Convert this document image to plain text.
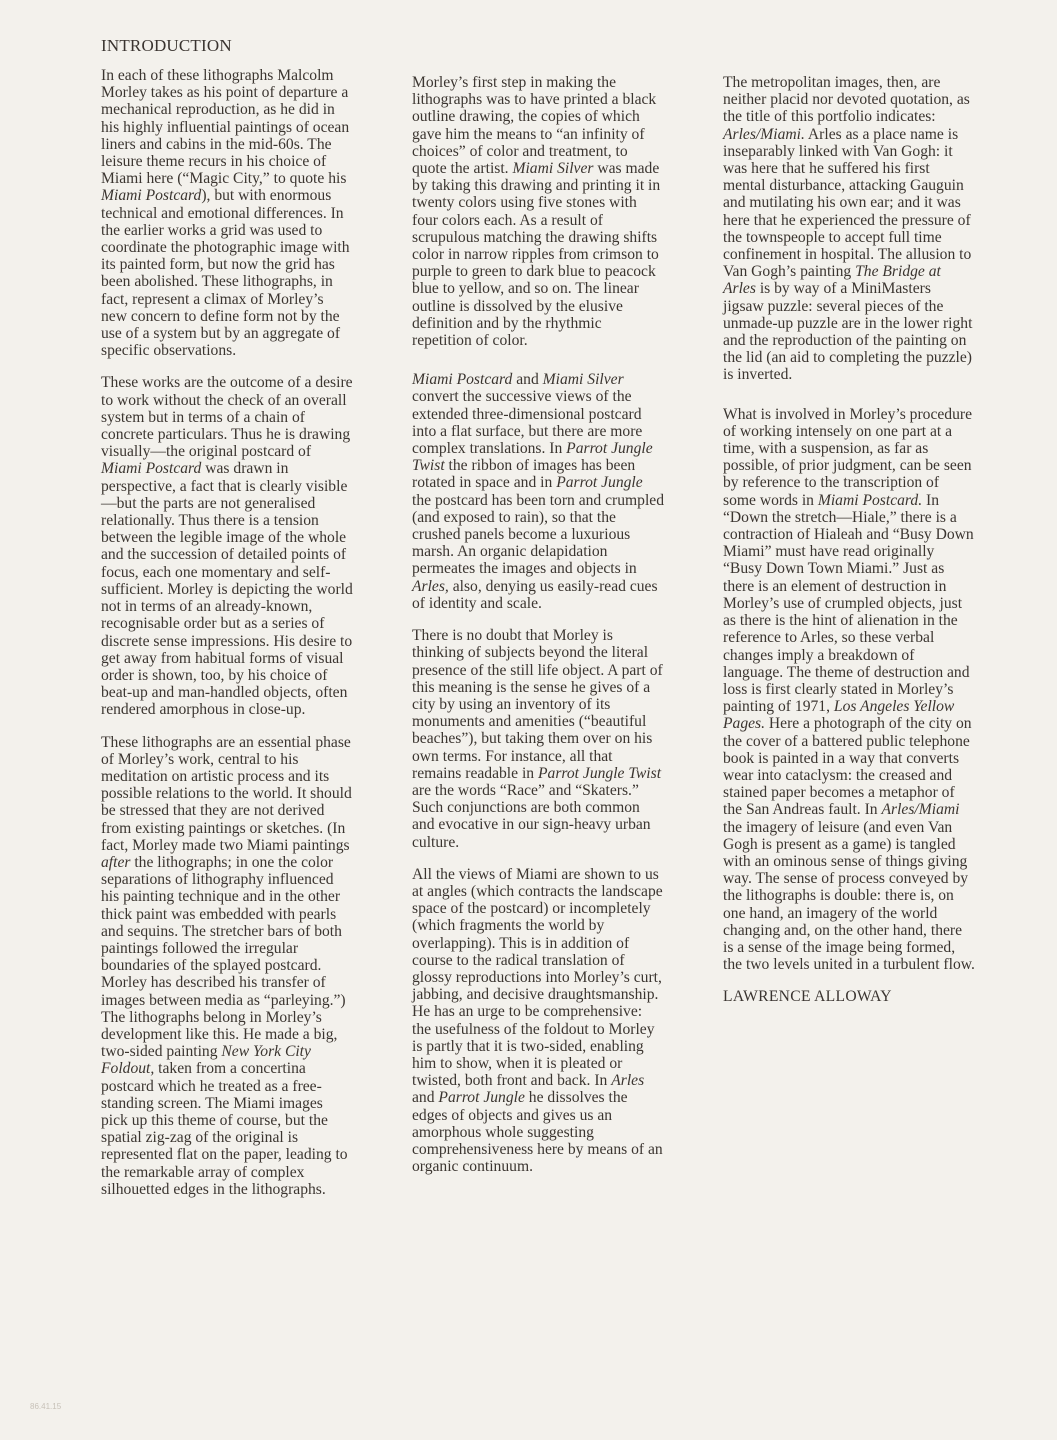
INTRODUCTION

In each of these lithographs Malcolm Morley takes as his point of departure a mechanical reproduction, as he did in his highly influential paintings of ocean liners and cabins in the mid-60s. The leisure theme recurs in his choice of Miami here (“Magic City,” to quote his Miami Postcard), but with enormous technical and emotional differences. In the earlier works a grid was used to coordinate the photographic image with its painted form, but now the grid has been abolished. These lithographs, in fact, represent a climax of Morley’s new concern to define form not by the use of a system but by an aggregate of specific observations.

These works are the outcome of a desire to work without the check of an overall system but in terms of a chain of concrete particulars. Thus he is drawing visually—the original postcard of Miami Postcard was drawn in perspective, a fact that is clearly visible—but the parts are not generalised relationally. Thus there is a tension between the legible image of the whole and the succession of detailed points of focus, each one momentary and self-sufficient. Morley is depicting the world not in terms of an already-known, recognisable order but as a series of discrete sense impressions. His desire to get away from habitual forms of visual order is shown, too, by his choice of beat-up and man-handled objects, often rendered amorphous in close-up.

These lithographs are an essential phase of Morley’s work, central to his meditation on artistic process and its possible relations to the world. It should be stressed that they are not derived from existing paintings or sketches. (In fact, Morley made two Miami paintings after the lithographs; in one the color separations of lithography influenced his painting technique and in the other thick paint was embedded with pearls and sequins. The stretcher bars of both paintings followed the irregular boundaries of the splayed postcard. Morley has described his transfer of images between media as “parleying.”) The lithographs belong in Morley’s development like this. He made a big, two-sided painting New York City Foldout, taken from a concertina postcard which he treated as a free-standing screen. The Miami images pick up this theme of course, but the spatial zig-zag of the original is represented flat on the paper, leading to the remarkable array of complex silhouetted edges in the lithographs.

Morley’s first step in making the lithographs was to have printed a black outline drawing, the copies of which gave him the means to “an infinity of choices” of color and treatment, to quote the artist. Miami Silver was made by taking this drawing and printing it in twenty colors using five stones with four colors each. As a result of scrupulous matching the drawing shifts color in narrow ripples from crimson to purple to green to dark blue to peacock blue to yellow, and so on. The linear outline is dissolved by the elusive definition and by the rhythmic repetition of color.

Miami Postcard and Miami Silver convert the successive views of the extended three-dimensional postcard into a flat surface, but there are more complex translations. In Parrot Jungle Twist the ribbon of images has been rotated in space and in Parrot Jungle the postcard has been torn and crumpled (and exposed to rain), so that the crushed panels become a luxurious marsh. An organic delapidation permeates the images and objects in Arles, also, denying us easily-read cues of identity and scale.

There is no doubt that Morley is thinking of subjects beyond the literal presence of the still life object. A part of this meaning is the sense he gives of a city by using an inventory of its monuments and amenities (“beautiful beaches”), but taking them over on his own terms. For instance, all that remains readable in Parrot Jungle Twist are the words “Race” and “Skaters.” Such conjunctions are both common and evocative in our sign-heavy urban culture.

All the views of Miami are shown to us at angles (which contracts the landscape space of the postcard) or incompletely (which fragments the world by overlapping). This is in addition of course to the radical translation of glossy reproductions into Morley’s curt, jabbing, and decisive draughtsmanship. He has an urge to be comprehensive: the usefulness of the foldout to Morley is partly that it is two-sided, enabling him to show, when it is pleated or twisted, both front and back. In Arles and Parrot Jungle he dissolves the edges of objects and gives us an amorphous whole suggesting comprehensiveness here by means of an organic continuum.

The metropolitan images, then, are neither placid nor devoted quotation, as the title of this portfolio indicates: Arles/Miami. Arles as a place name is inseparably linked with Van Gogh: it was here that he suffered his first mental disturbance, attacking Gauguin and mutilating his own ear; and it was here that he experienced the pressure of the townspeople to accept full time confinement in hospital. The allusion to Van Gogh’s painting The Bridge at Arles is by way of a MiniMasters jigsaw puzzle: several pieces of the unmade-up puzzle are in the lower right and the reproduction of the painting on the lid (an aid to completing the puzzle) is inverted.

What is involved in Morley’s procedure of working intensely on one part at a time, with a suspension, as far as possible, of prior judgment, can be seen by reference to the transcription of some words in Miami Postcard. In “Down the stretch—Hiale,” there is a contraction of Hialeah and “Busy Down Miami” must have read originally “Busy Down Town Miami.” Just as there is an element of destruction in Morley’s use of crumpled objects, just as there is the hint of alienation in the reference to Arles, so these verbal changes imply a breakdown of language. The theme of destruction and loss is first clearly stated in Morley’s painting of 1971, Los Angeles Yellow Pages. Here a photograph of the city on the cover of a battered public telephone book is painted in a way that converts wear into cataclysm: the creased and stained paper becomes a metaphor of the San Andreas fault. In Arles/Miami the imagery of leisure (and even Van Gogh is present as a game) is tangled with an ominous sense of things giving way. The sense of process conveyed by the lithographs is double: there is, on one hand, an imagery of the world changing and, on the other hand, there is a sense of the image being formed, the two levels united in a turbulent flow.

LAWRENCE ALLOWAY
86.41.15
